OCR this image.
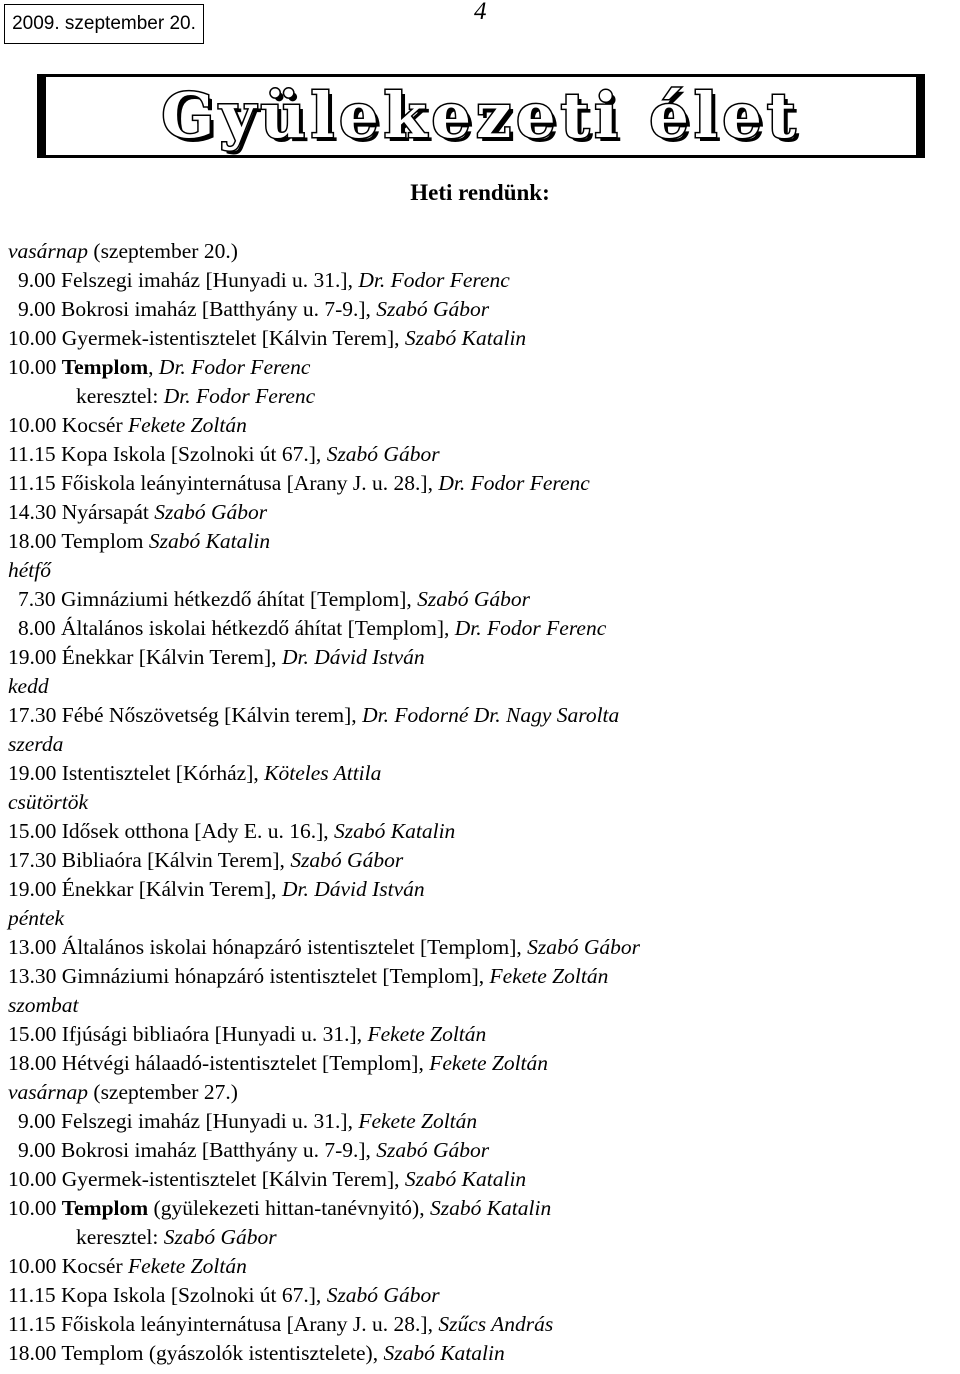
2009. szeptember 20.	4
Gyülekezeti élet
Heti rendünk:
vasárnap (szeptember 20.)
9.00 Felszegi imaház [Hunyadi u. 31.], Dr. Fodor Ferenc
9.00 Bokrosi imaház [Batthyány u. 7-9.], Szabó Gábor
10.00 Gyermek-istentisztelet [Kálvin Terem], Szabó Katalin
10.00 Templom, Dr. Fodor Ferenc
keresztel: Dr. Fodor Ferenc
10.00 Kocsér Fekete Zoltán
11.15 Kopa Iskola [Szolnoki út 67.], Szabó Gábor
11.15 Főiskola leányinternátusa [Arany J. u. 28.], Dr. Fodor Ferenc
14.30 Nyársapát Szabó Gábor
18.00 Templom Szabó Katalin
hétfő
7.30 Gimnáziumi hétkezdő áhítat [Templom], Szabó Gábor
8.00 Általános iskolai hétkezdő áhítat [Templom], Dr. Fodor Ferenc
19.00 Énekkar [Kálvin Terem], Dr. Dávid István
kedd
17.30 Fébé Nőszövetség [Kálvin terem], Dr. Fodorné Dr. Nagy Sarolta
szerda
19.00 Istentisztelet [Kórház], Köteles Attila
csütörtök
15.00 Idősek otthona [Ady E. u. 16.], Szabó Katalin
17.30 Bibliaóra [Kálvin Terem], Szabó Gábor
19.00 Énekkar [Kálvin Terem], Dr. Dávid István
péntek
13.00 Általános iskolai hónapzáró istentisztelet [Templom], Szabó Gábor
13.30 Gimnáziumi hónapzáró istentisztelet [Templom], Fekete Zoltán
szombat
15.00 Ifjúsági bibliaóra [Hunyadi u. 31.], Fekete Zoltán
18.00 Hétvégi hálaadó-istentisztelet [Templom], Fekete Zoltán
vasárnap (szeptember 27.)
9.00 Felszegi imaház [Hunyadi u. 31.], Fekete Zoltán
9.00 Bokrosi imaház [Batthyány u. 7-9.], Szabó Gábor
10.00 Gyermek-istentisztelet [Kálvin Terem], Szabó Katalin
10.00 Templom (gyülekezeti hittan-tanévnyitó), Szabó Katalin
keresztel: Szabó Gábor
10.00 Kocsér Fekete Zoltán
11.15 Kopa Iskola [Szolnoki út 67.], Szabó Gábor
11.15 Főiskola leányinternátusa [Arany J. u. 28.], Szűcs András
18.00 Templom (gyászolók istentisztelete), Szabó Katalin
